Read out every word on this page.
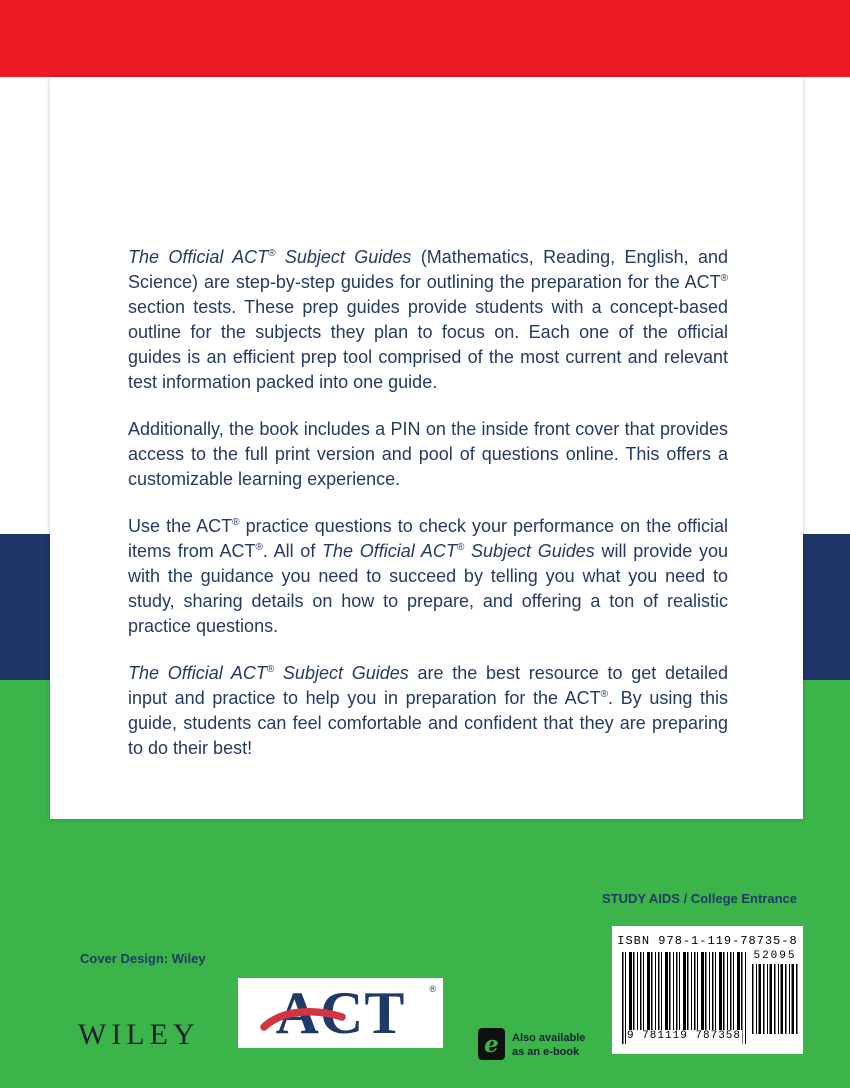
The Official ACT® Subject Guides (Mathematics, Reading, English, and Science) are step-by-step guides for outlining the preparation for the ACT® section tests. These prep guides provide students with a concept-based outline for the subjects they plan to focus on. Each one of the official guides is an efficient prep tool comprised of the most current and relevant test information packed into one guide.

Additionally, the book includes a PIN on the inside front cover that provides access to the full print version and pool of questions online. This offers a customizable learning experience.

Use the ACT® practice questions to check your performance on the official items from ACT®. All of The Official ACT® Subject Guides will provide you with the guidance you need to succeed by telling you what you need to study, sharing details on how to prepare, and offering a ton of realistic practice questions.

The Official ACT® Subject Guides are the best resource to get detailed input and practice to help you in preparation for the ACT®. By using this guide, students can feel comfortable and confident that they are preparing to do their best!

STUDY AIDS / College Entrance
Cover Design: Wiley
WILEY ACT	®
e Also available
as an e-book
ISBN 978-1-119-78735-8
9 781119 787358
52095
